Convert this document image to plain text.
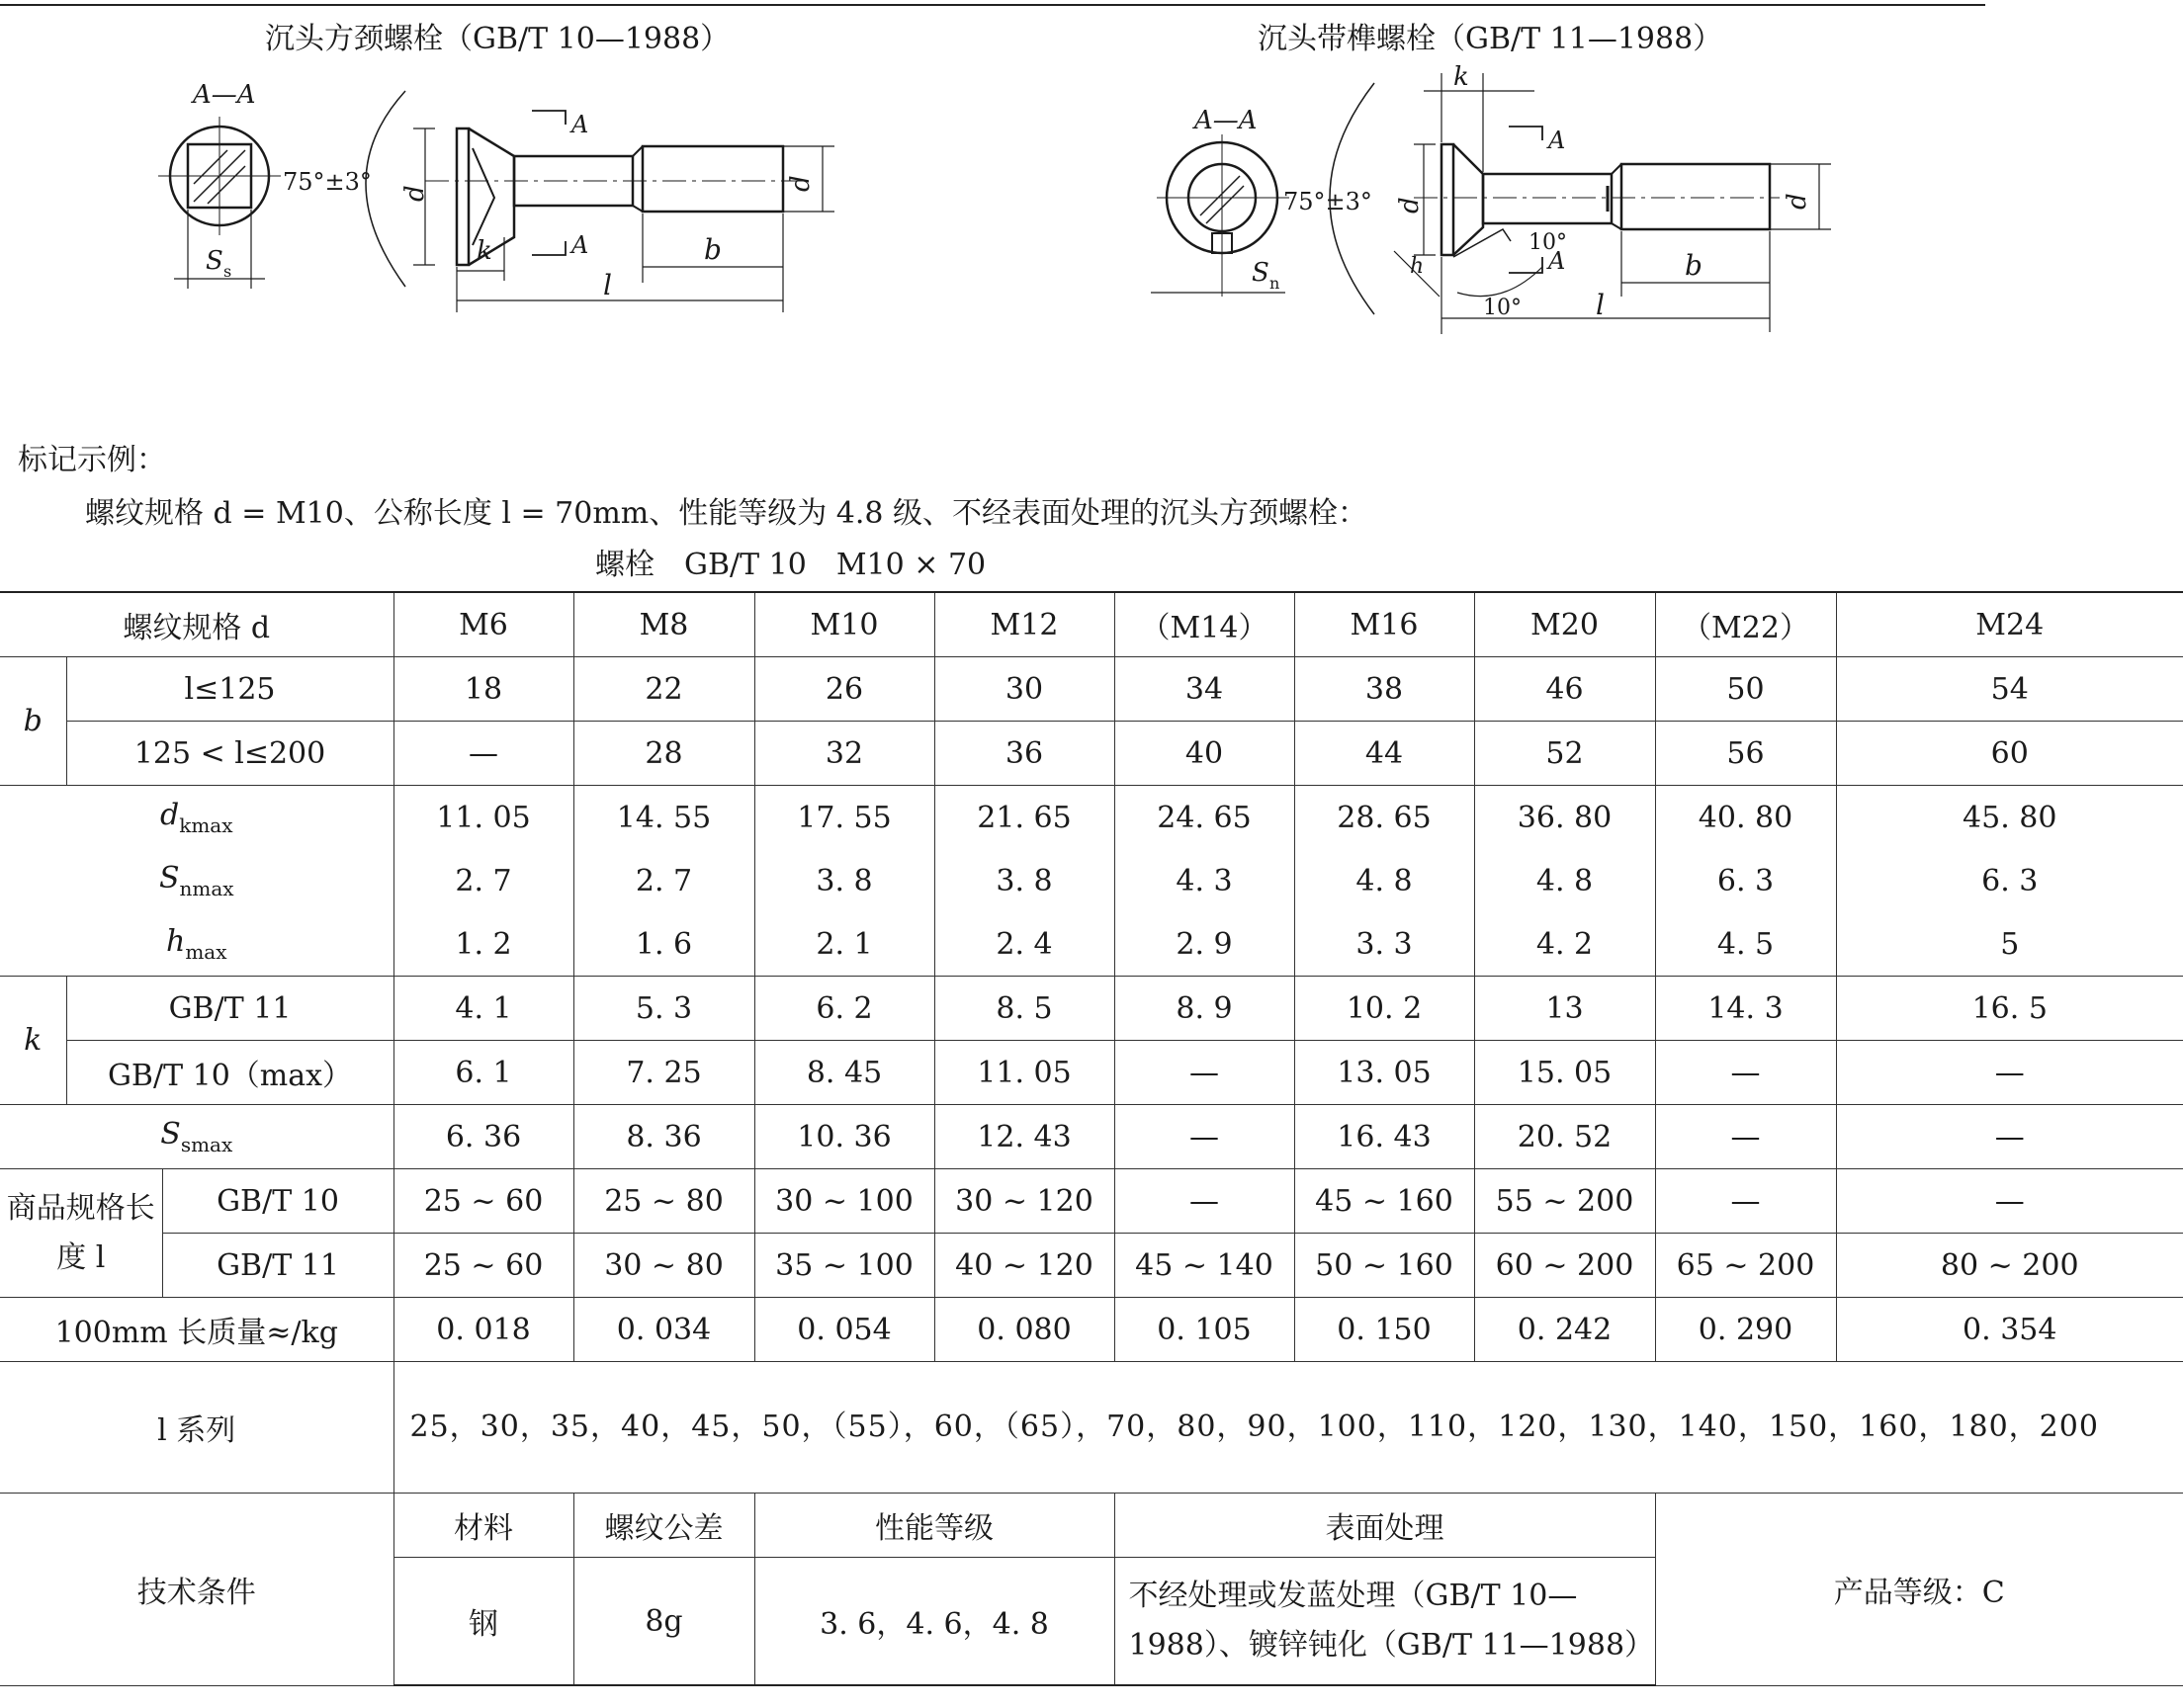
沉头方颈螺栓（GB/T 10—1988）	沉头带榫螺栓（GB/T 11—1988）
A—A
S s
75°±3° d
d
k	b
l
A
A
A—A
S n
75°±3° d	d
k
b
l
h
10°
10°
A
A
标记示例：
螺纹规格 d = M10、公称长度 l = 70mm、性能等级为 4.8 级、不经表面处理的沉头方颈螺栓：
螺栓　GB/T 10　M10 × 70
螺纹规格 d			M6	M8	M10	M12	（M14）	M16	M20	（M22）	M24
b	l≤125		18	22	26	30	34	38	46	50	54
	125 < l≤200		—	28	32	36	40	44	52	56	60
$d_{kmax}$			11. 05	14. 55	17. 55	21. 65	24. 65	28. 65	36. 80	40. 80	45. 80
$S_{nmax}$			2. 7	2. 7	3. 8	3. 8	4. 3	4. 8	4. 8	6. 3	6. 3
$h_{max}$			1. 2	1. 6	2. 1	2. 4	2. 9	3. 3	4. 2	4. 5	5
k	GB/T 11		4. 1	5. 3	6. 2	8. 5	8. 9	10. 2	13	14. 3	16. 5
	GB/T 10（max）		6. 1	7. 25	8. 45	11. 05	—	13. 05	15. 05	—	—
$S_{smax}$			6. 36	8. 36	10. 36	12. 43	—	16. 43	20. 52	—	—
商品规格长度 l		GB/T 10	25 ~ 60	25 ~ 80	30 ~ 100	30 ~ 120	—	45 ~ 160	55 ~ 200	—	—
		GB/T 11	25 ~ 60	30 ~ 80	35 ~ 100	40 ~ 120	45 ~ 140	50 ~ 160	60 ~ 200	65 ~ 200	80 ~ 200
100mm 长质量≈/kg			0. 018	0. 034	0. 054	0. 080	0. 105	0. 150	0. 242	0. 290	0. 354
l 系列			25，30，35，40，45，50，（55），60，（65），70，80，90，100，110，120，130，140，150，160，180，200								
技术条件			材料	螺纹公差	性能等级		表面处理			产品等级：C	
			钢	8g	3. 6，4. 6，4. 8		不经处理或发蓝处理（GB/T 10—1988）、镀锌钝化（GB/T 11—1988）				
